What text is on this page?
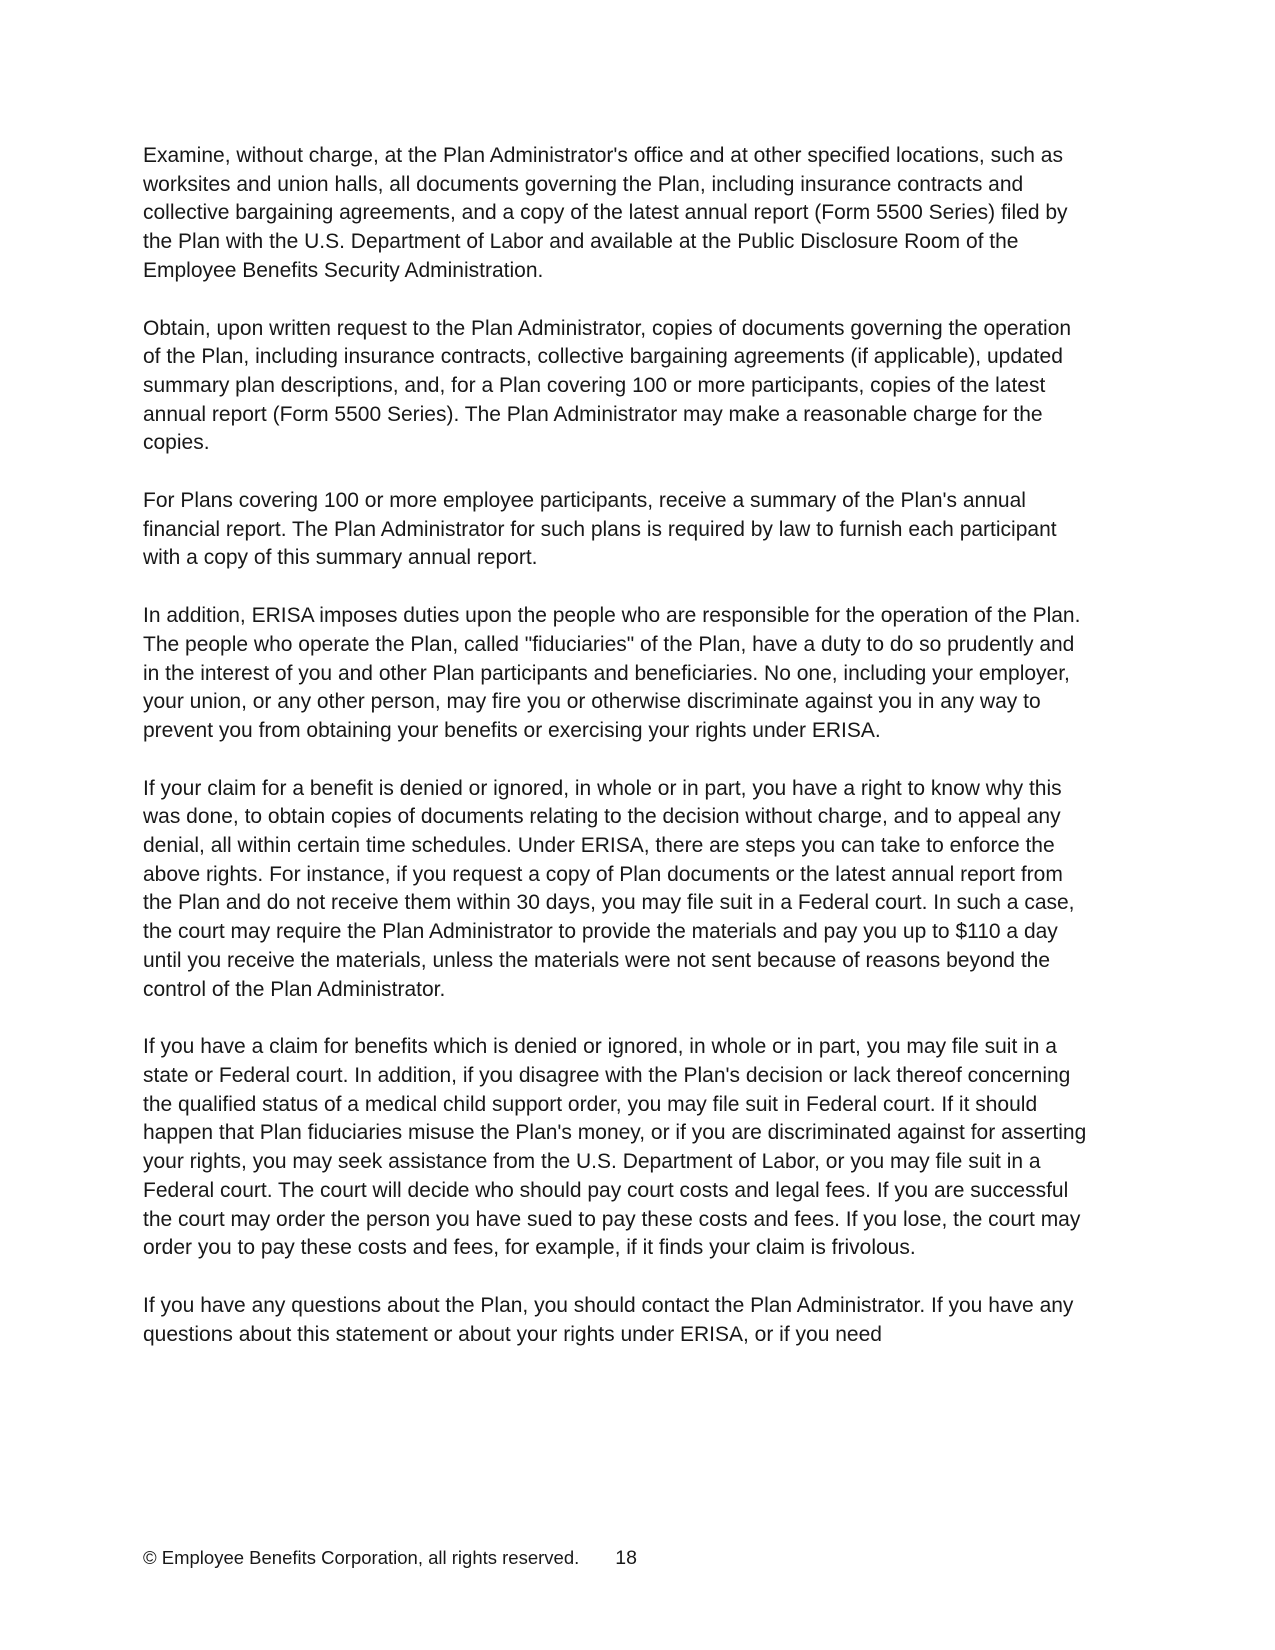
Examine, without charge, at the Plan Administrator's office and at other specified locations, such as worksites and union halls, all documents governing the Plan, including insurance contracts and collective bargaining agreements, and a copy of the latest annual report (Form 5500 Series) filed by the Plan with the U.S. Department of Labor and available at the Public Disclosure Room of the Employee Benefits Security Administration.

Obtain, upon written request to the Plan Administrator, copies of documents governing the operation of the Plan, including insurance contracts, collective bargaining agreements (if applicable), updated summary plan descriptions, and, for a Plan covering 100 or more participants, copies of the latest annual report (Form 5500 Series). The Plan Administrator may make a reasonable charge for the copies.

For Plans covering 100 or more employee participants, receive a summary of the Plan's annual financial report. The Plan Administrator for such plans is required by law to furnish each participant with a copy of this summary annual report.

In addition, ERISA imposes duties upon the people who are responsible for the operation of the Plan. The people who operate the Plan, called "fiduciaries" of the Plan, have a duty to do so prudently and in the interest of you and other Plan participants and beneficiaries. No one, including your employer, your union, or any other person, may fire you or otherwise discriminate against you in any way to prevent you from obtaining your benefits or exercising your rights under ERISA.

If your claim for a benefit is denied or ignored, in whole or in part, you have a right to know why this was done, to obtain copies of documents relating to the decision without charge, and to appeal any denial, all within certain time schedules. Under ERISA, there are steps you can take to enforce the above rights. For instance, if you request a copy of Plan documents or the latest annual report from the Plan and do not receive them within 30 days, you may file suit in a Federal court. In such a case, the court may require the Plan Administrator to provide the materials and pay you up to $110 a day until you receive the materials, unless the materials were not sent because of reasons beyond the control of the Plan Administrator.

If you have a claim for benefits which is denied or ignored, in whole or in part, you may file suit in a state or Federal court. In addition, if you disagree with the Plan's decision or lack thereof concerning the qualified status of a medical child support order, you may file suit in Federal court. If it should happen that Plan fiduciaries misuse the Plan's money, or if you are discriminated against for asserting your rights, you may seek assistance from the U.S. Department of Labor, or you may file suit in a Federal court. The court will decide who should pay court costs and legal fees. If you are successful the court may order the person you have sued to pay these costs and fees. If you lose, the court may order you to pay these costs and fees, for example, if it finds your claim is frivolous.

If you have any questions about the Plan, you should contact the Plan Administrator. If you have any questions about this statement or about your rights under ERISA, or if you need

© Employee Benefits Corporation, all rights reserved. 18
